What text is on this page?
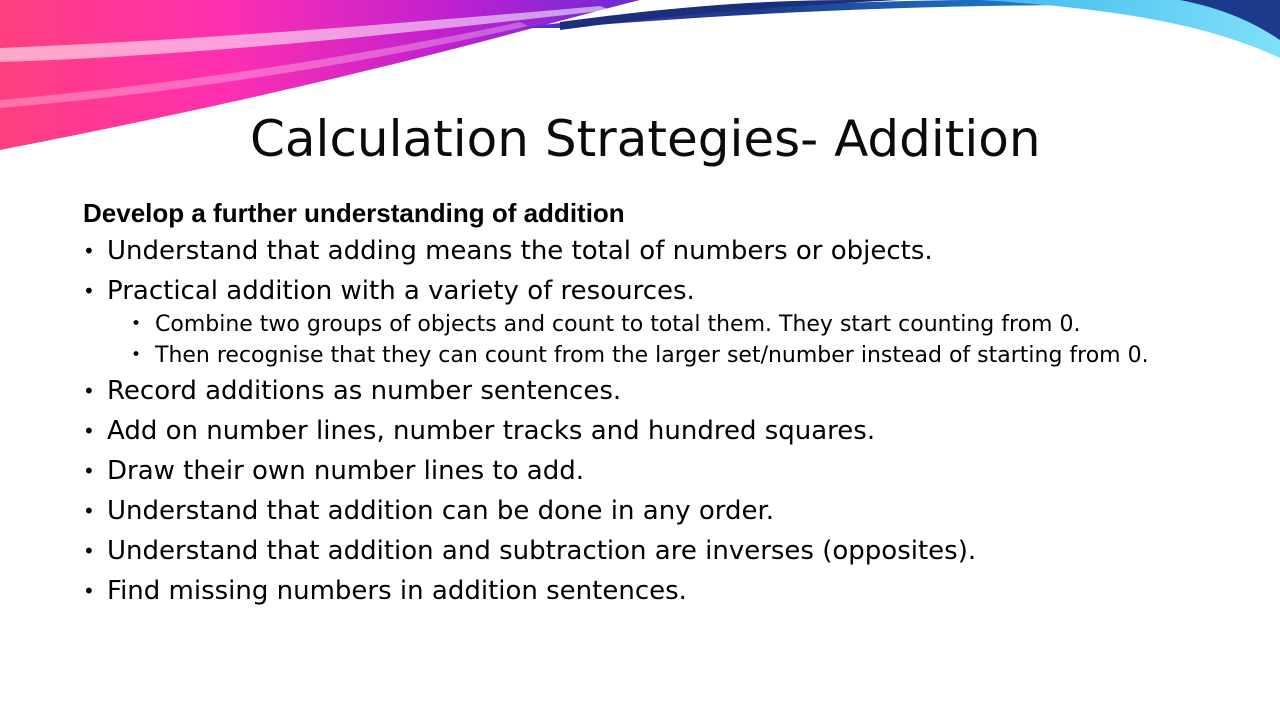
Calculation Strategies- Addition
Develop a further understanding of addition
• Understand that adding means the total of numbers or objects.
• Practical addition with a variety of resources.
• Combine two groups of objects and count to total them. They start counting from 0.
• Then recognise that they can count from the larger set/number instead of starting from 0.
• Record additions as number sentences.
• Add on number lines, number tracks and hundred squares.
• Draw their own number lines to add.
• Understand that addition can be done in any order.
• Understand that addition and subtraction are inverses (opposites).
• Find missing numbers in addition sentences.
